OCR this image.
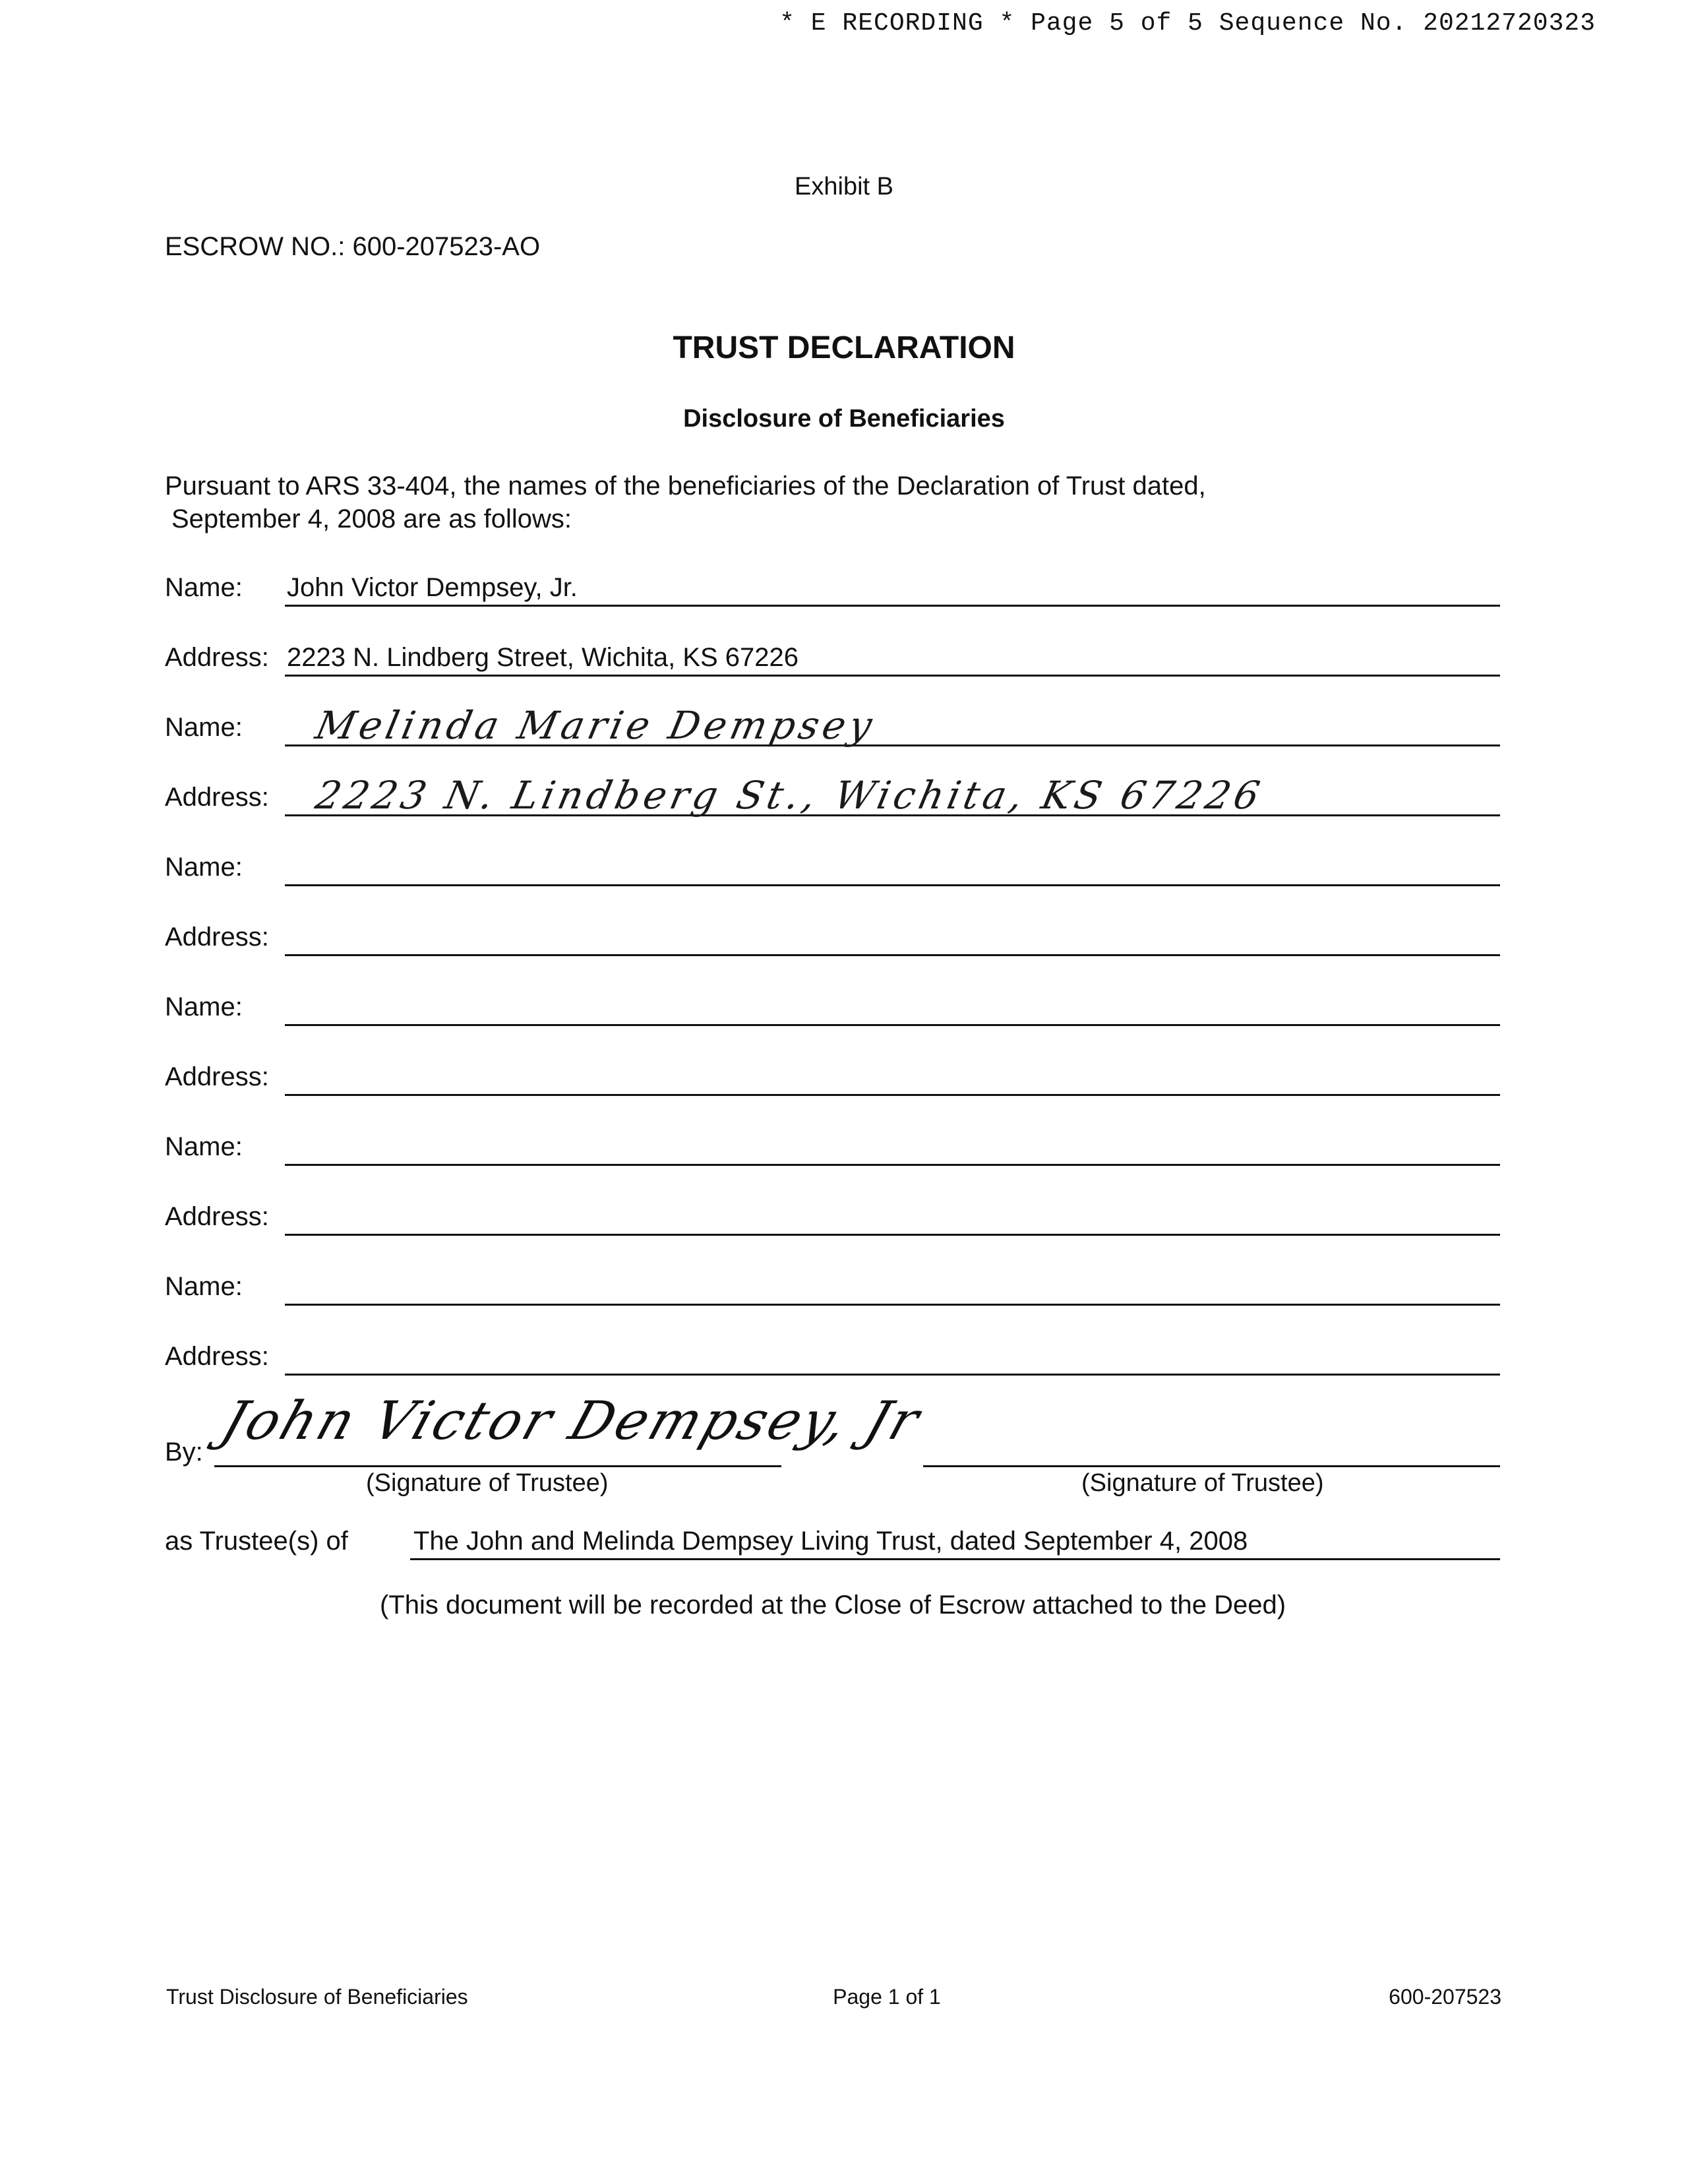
* E RECORDING * Page 5 of 5 Sequence No. 20212720323
Exhibit B
ESCROW NO.: 600-207523-AO
TRUST DECLARATION
Disclosure of Beneficiaries
Pursuant to ARS 33-404, the names of the beneficiaries of the Declaration of Trust dated,
September 4, 2008 are as follows:
Name: John Victor Dempsey, Jr.
Address: 2223 N. Lindberg Street, Wichita, KS 67226
Name: Melinda Marie Dempsey
Address: 2223 N. Lindberg St., Wichita, KS 67226
Name:
Address:
Name:
Address:
Name:
Address:
Name:
Address:
By:
John Victor Dempsey, Jr
(Signature of Trustee)	(Signature of Trustee)
as Trustee(s) of The John and Melinda Dempsey Living Trust, dated September 4, 2008
(This document will be recorded at the Close of Escrow attached to the Deed)
Trust Disclosure of Beneficiaries	Page 1 of 1	600-207523
